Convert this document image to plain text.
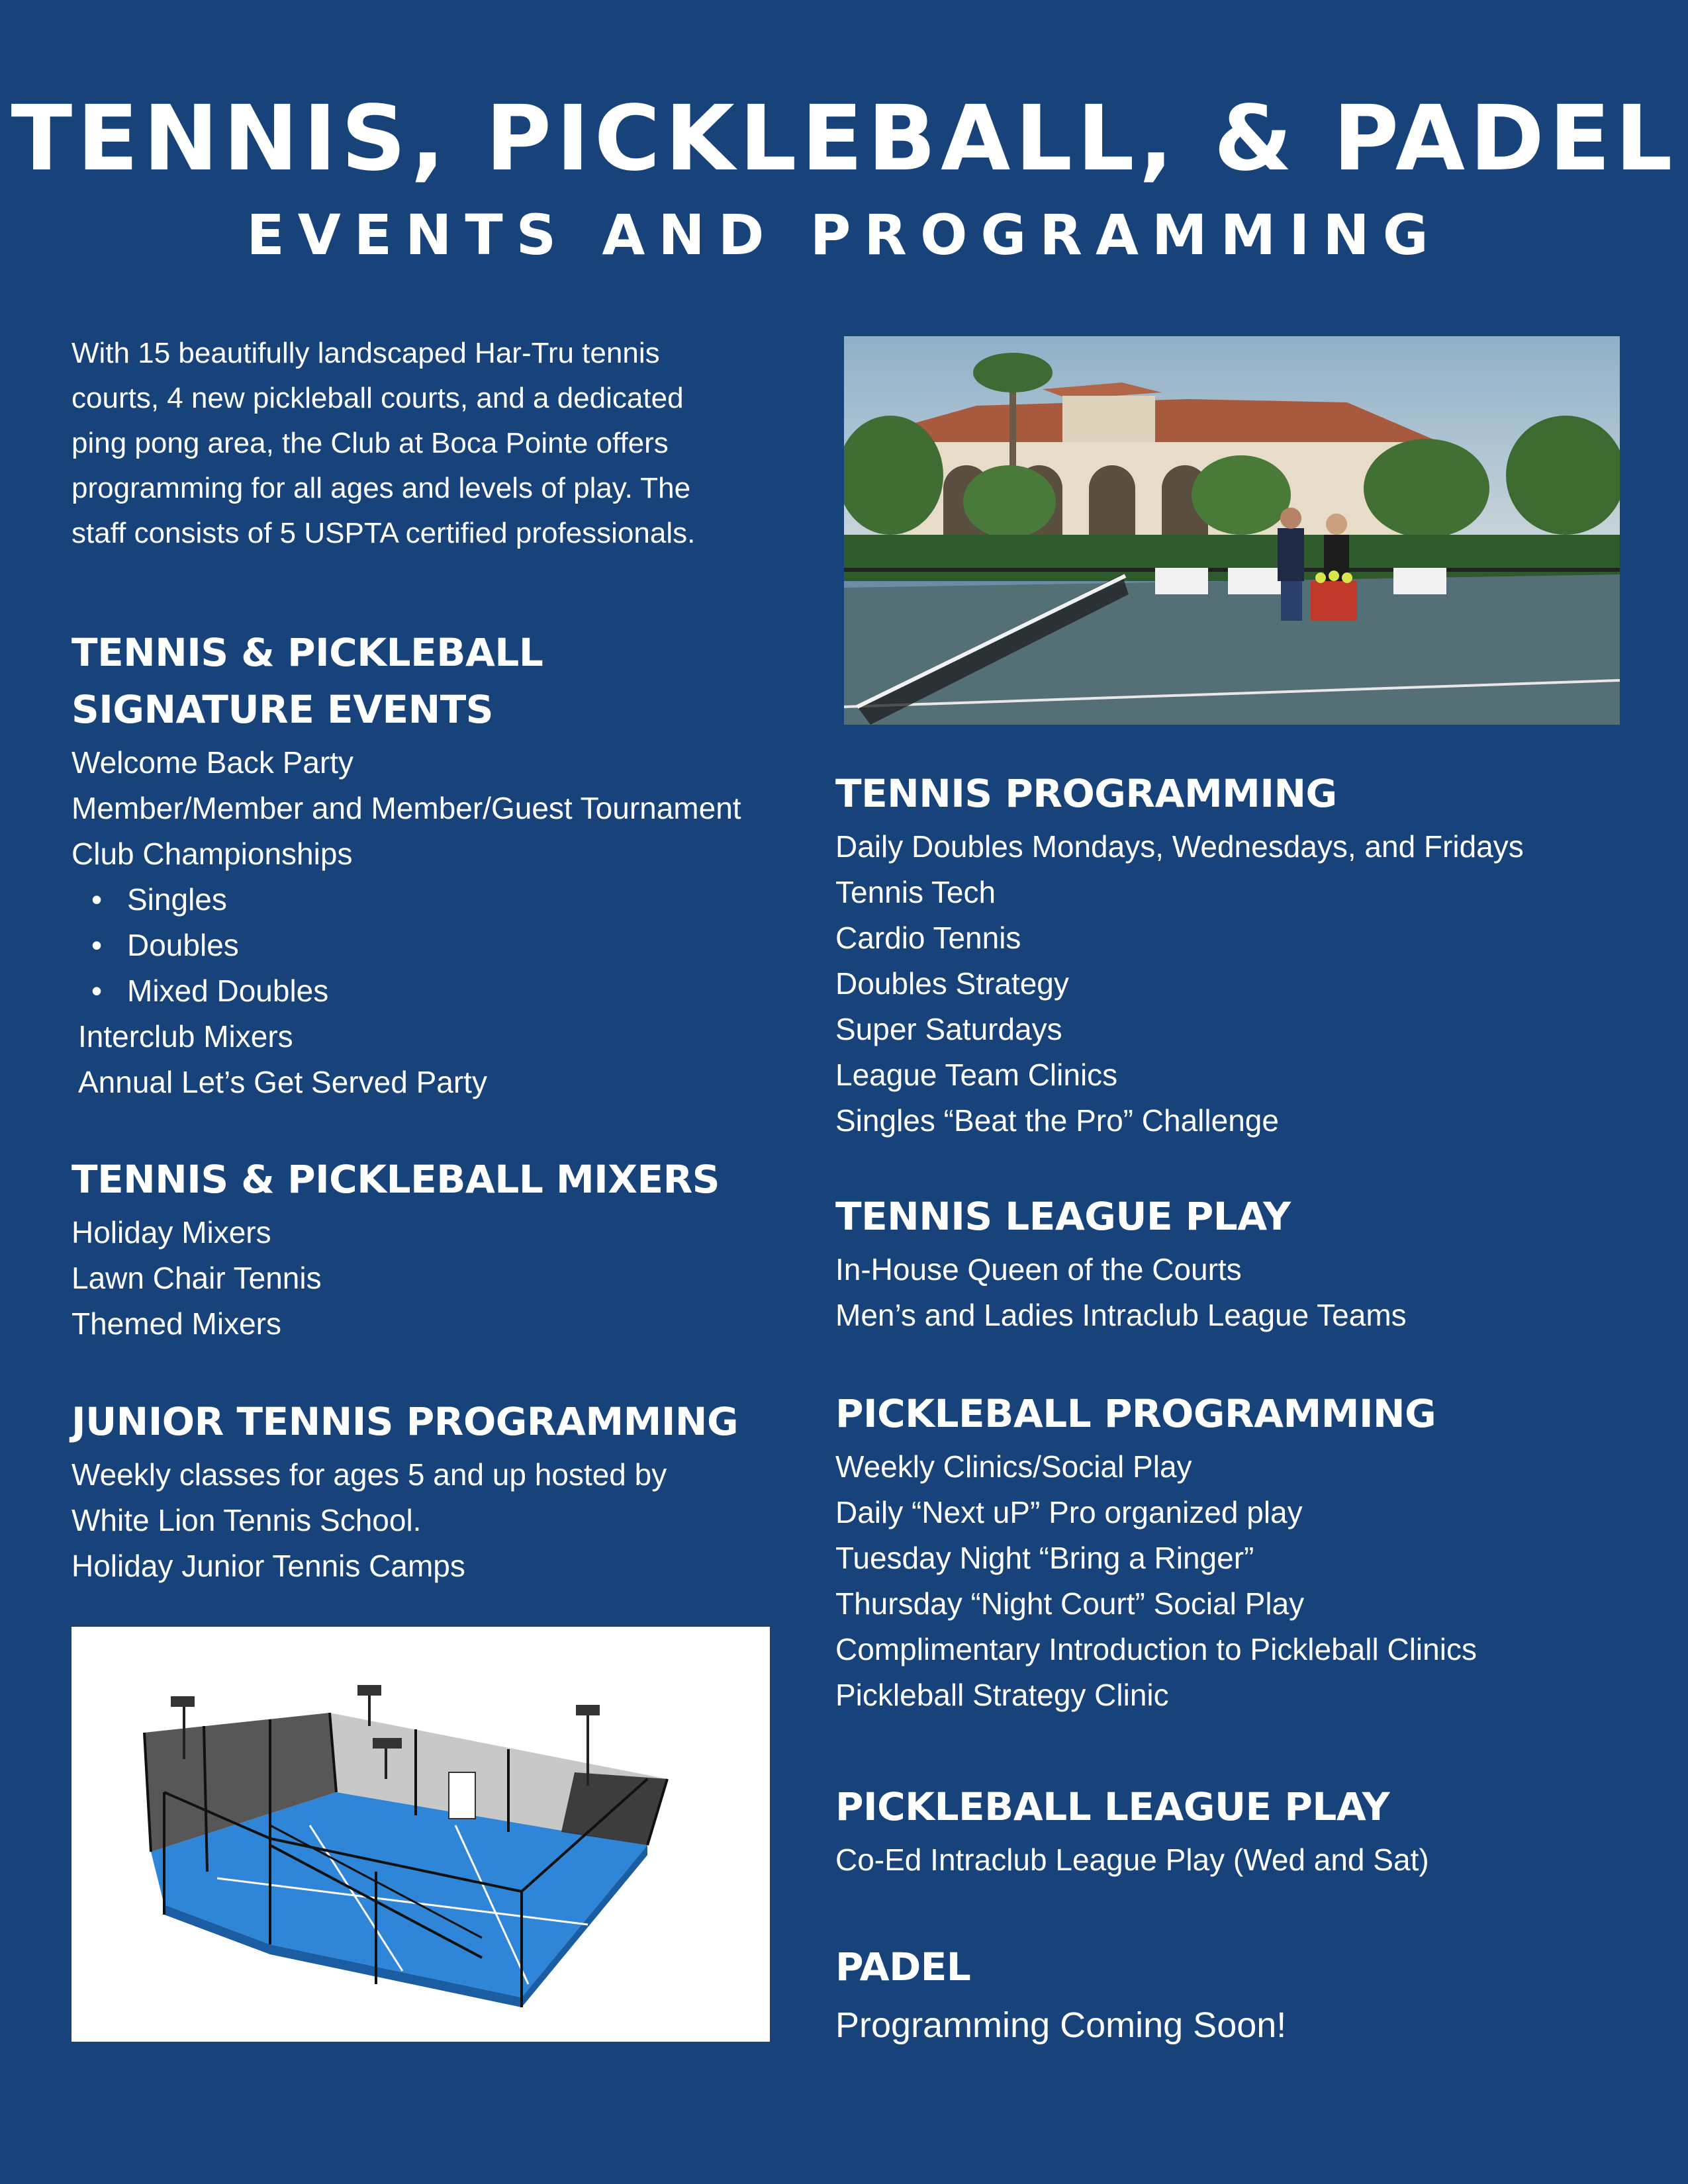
TENNIS, PICKLEBALL, & PADEL
EVENTS AND PROGRAMMING
With 15 beautifully landscaped Har-Tru tennis
courts, 4 new pickleball courts, and a dedicated
ping pong area, the Club at Boca Pointe offers
programming for all ages and levels of play. The
staff consists of 5 USPTA certified professionals.
TENNIS & PICKLEBALL
SIGNATURE EVENTS
Welcome Back Party
Member/Member and Member/Guest Tournament
Club Championships
• Singles
• Doubles
• Mixed Doubles
Interclub Mixers
Annual Let’s Get Served Party
TENNIS & PICKLEBALL MIXERS
Holiday Mixers
Lawn Chair Tennis
Themed Mixers
JUNIOR TENNIS PROGRAMMING
Weekly classes for ages 5 and up hosted by
White Lion Tennis School.
Holiday Junior Tennis Camps
TENNIS PROGRAMMING
Daily Doubles Mondays, Wednesdays, and Fridays
Tennis Tech
Cardio Tennis
Doubles Strategy
Super Saturdays
League Team Clinics
Singles “Beat the Pro” Challenge
TENNIS LEAGUE PLAY
In-House Queen of the Courts
Men’s and Ladies Intraclub League Teams
PICKLEBALL PROGRAMMING
Weekly Clinics/Social Play
Daily “Next uP” Pro organized play
Tuesday Night “Bring a Ringer”
Thursday “Night Court” Social Play
Complimentary Introduction to Pickleball Clinics
Pickleball Strategy Clinic
PICKLEBALL LEAGUE PLAY
Co-Ed Intraclub League Play (Wed and Sat)
PADEL
Programming Coming Soon!
